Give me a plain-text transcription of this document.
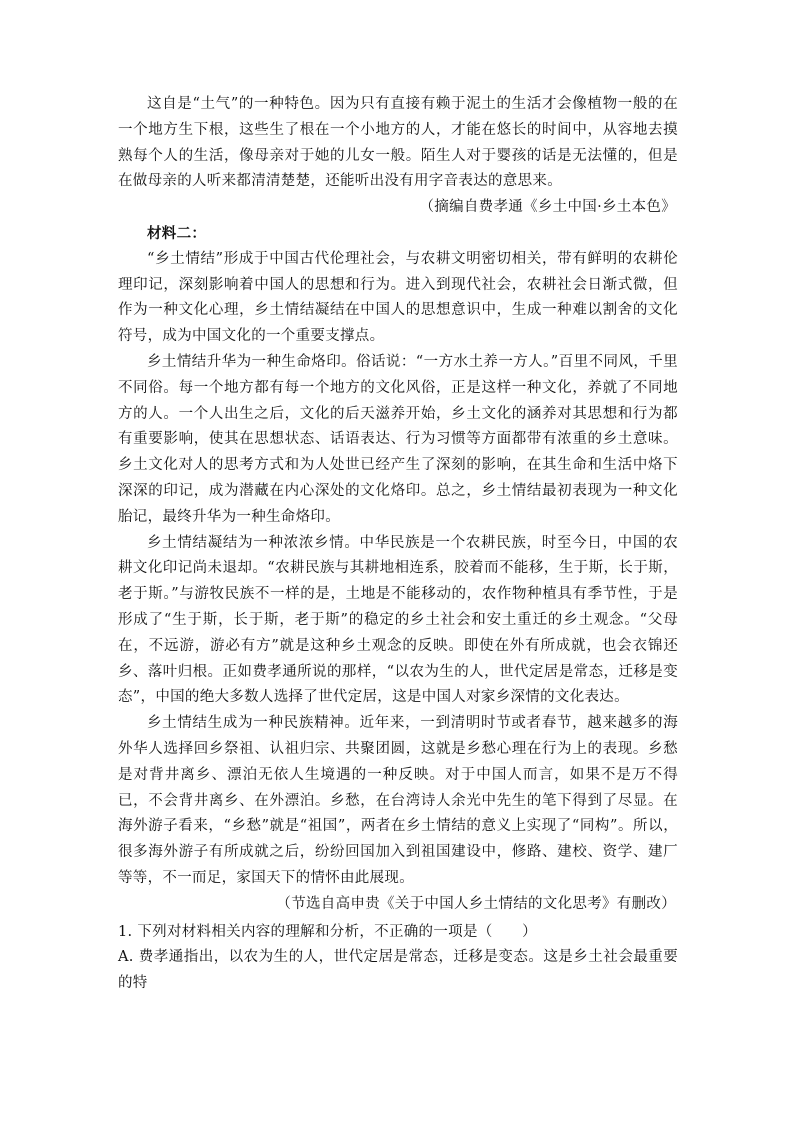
这自是“土气”的一种特色。因为只有直接有赖于泥土的生活才会像植物一般的在一个地方生下根，这些生了根在一个小地方的人，才能在悠长的时间中，从容地去摸熟每个人的生活，像母亲对于她的儿女一般。陌生人对于婴孩的话是无法懂的，但是在做母亲的人听来都清清楚楚，还能听出没有用字音表达的意思来。

（摘编自费孝通《乡土中国·乡土本色》

材料二：

“乡土情结”形成于中国古代伦理社会，与农耕文明密切相关，带有鲜明的农耕伦理印记，深刻影响着中国人的思想和行为。进入到现代社会，农耕社会日渐式微，但作为一种文化心理，乡土情结凝结在中国人的思想意识中，生成一种难以割舍的文化符号，成为中国文化的一个重要支撑点。

乡土情结升华为一种生命烙印。俗话说：“一方水土养一方人。”百里不同风，千里不同俗。每一个地方都有每一个地方的文化风俗，正是这样一种文化，养就了不同地方的人。一个人出生之后，文化的后天滋养开始，乡土文化的涵养对其思想和行为都有重要影响，使其在思想状态、话语表达、行为习惯等方面都带有浓重的乡土意味。乡土文化对人的思考方式和为人处世已经产生了深刻的影响，在其生命和生活中烙下深深的印记，成为潜藏在内心深处的文化烙印。总之，乡土情结最初表现为一种文化胎记，最终升华为一种生命烙印。

乡土情结凝结为一种浓浓乡情。中华民族是一个农耕民族，时至今日，中国的农耕文化印记尚未退却。“农耕民族与其耕地相连系，胶着而不能移，生于斯，长于斯，老于斯。”与游牧民族不一样的是，土地是不能移动的，农作物种植具有季节性，于是形成了“生于斯，长于斯，老于斯”的稳定的乡土社会和安土重迁的乡土观念。“父母在，不远游，游必有方”就是这种乡土观念的反映。即使在外有所成就，也会衣锦还乡、落叶归根。正如费孝通所说的那样，“以农为生的人，世代定居是常态，迁移是变态”，中国的绝大多数人选择了世代定居，这是中国人对家乡深情的文化表达。

乡土情结生成为一种民族精神。近年来，一到清明时节或者春节，越来越多的海外华人选择回乡祭祖、认祖归宗、共聚团圆，这就是乡愁心理在行为上的表现。乡愁是对背井离乡、漂泊无依人生境遇的一种反映。对于中国人而言，如果不是万不得已，不会背井离乡、在外漂泊。乡愁，在台湾诗人余光中先生的笔下得到了尽显。在海外游子看来，“乡愁”就是“祖国”，两者在乡土情结的意义上实现了“同构”。所以，很多海外游子有所成就之后，纷纷回国加入到祖国建设中，修路、建校、资学、建厂等等，不一而足，家国天下的情怀由此展现。

（节选自高申贵《关于中国人乡土情结的文化思考》有删改）

1. 下列对材料相关内容的理解和分析，不正确的一项是（　　）

A. 费孝通指出，以农为生的人，世代定居是常态，迁移是变态。这是乡土社会最重要的特
